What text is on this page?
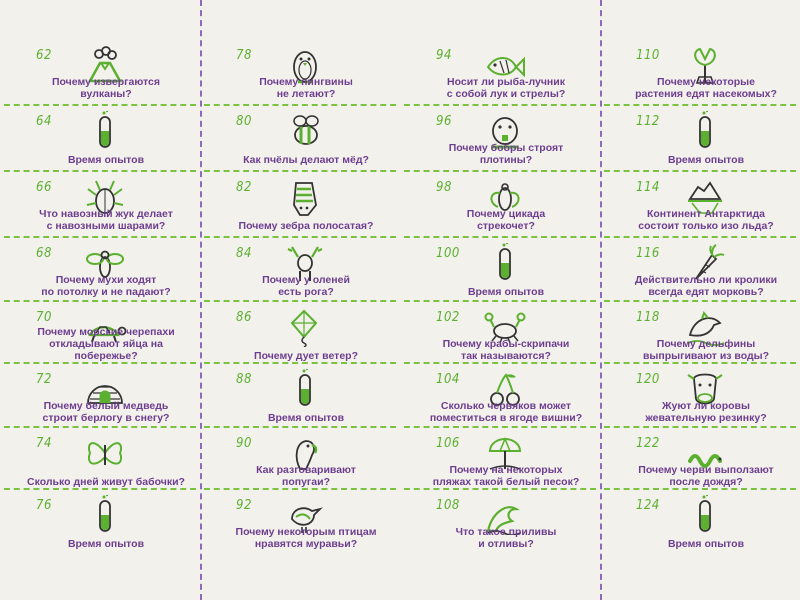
62
Почему извергаются
вулканы?
64
Время опытов
66
Что навозный жук делает
с навозными шарами?
68
Почему мухи ходят
по потолку и не падают?
70
Почему морские черепахи
откладывают яйца на побережье?
72
Почему белый медведь
строит берлогу в снегу?
74
Сколько дней живут бабочки?
76
Время опытов
78
Почему пингвины
не летают?
80
Как пчёлы делают мёд?
82
Почему зебра полосатая?
84
Почему у оленей
есть рога?
86
Почему дует ветер?
88
Время опытов
90
Как разговаривают
попугаи?
92
Почему некоторым птицам
нравятся муравьи?
94
Носит ли рыба-лучник
с собой лук и стрелы?
96
Почему бобры строят
плотины?
98
Почему цикада
стрекочет?
100
Время опытов
102
Почему крабы-скрипачи
так называются?
104
Сколько червяков может
поместиться в ягоде вишни?
106
Почему на некоторых
пляжах такой белый песок?
108
Что такое приливы
и отливы?
110
Почему некоторые
растения едят насекомых?
112
Время опытов
114
Континент Антарктида
состоит только изо льда?
116
Действительно ли кролики
всегда едят морковь?
118
Почему дельфины
выпрыгивают из воды?
120
Жуют ли коровы
жевательную резинку?
122
Почему черви выползают
после дождя?
124
Время опытов
